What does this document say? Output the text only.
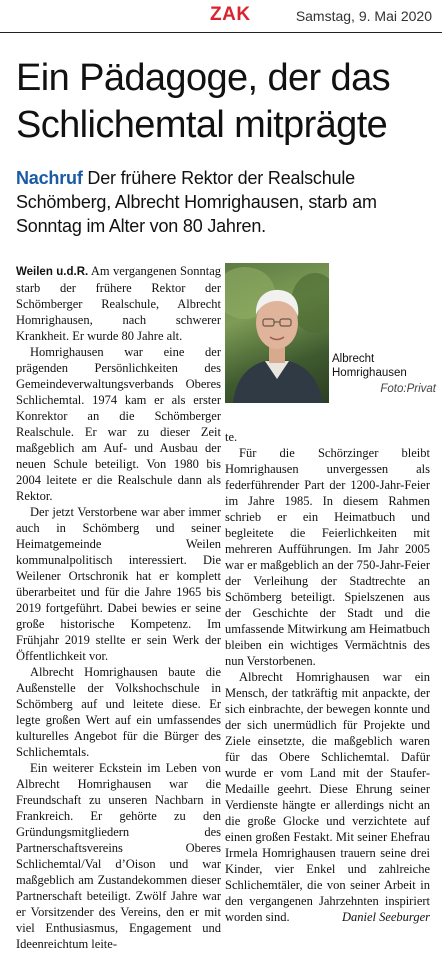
ZAK	Samstag, 9. Mai 2020
Ein Pädagoge, der das Schlichemtal mitprägte
Nachruf Der frühere Rektor der Realschule Schömberg, Albrecht Homrighausen, starb am Sonntag im Alter von 80 Jahren.

Weilen u.d.R. Am vergangenen Sonntag starb der frühere Rektor der Schömberger Realschule, Albrecht Homrighausen, nach schwerer Krankheit. Er wurde 80 Jahre alt.

Homrighausen war eine der prägenden Persönlichkeiten des Gemeindeverwaltungsverbands Oberes Schlichemtal. 1974 kam er als erster Konrektor an die Schömberger Realschule. Er war zu dieser Zeit maßgeblich am Auf- und Ausbau der neuen Schule beteiligt. Von 1980 bis 2004 leitete er die Realschule dann als Rektor.

Der jetzt Verstorbene war aber immer auch in Schömberg und seiner Heimatgemeinde Weilen kommunalpolitisch interessiert. Die Weilener Ortschronik hat er komplett überarbeitet und für die Jahre 1965 bis 2019 fortgeführt. Dabei bewies er seine große historische Kompetenz. Im Frühjahr 2019 stellte er sein Werk der Öffentlichkeit vor.

Albrecht Homrighausen baute die Außenstelle der Volkshochschule in Schömberg auf und leitete diese. Er legte großen Wert auf ein umfassendes kulturelles Angebot für die Bürger des Schlichemtals.

Ein weiterer Eckstein im Leben von Albrecht Homrighausen war die Freundschaft zu unseren Nachbarn in Frankreich. Er gehörte zu den Gründungsmitgliedern des Partnerschaftsvereins Oberes Schlichemtal/Val d’Oison und war maßgeblich am Zustandekommen dieser Partnerschaft beteiligt. Zwölf Jahre war er Vorsitzender des Vereins, den er mit viel Enthusiasmus, Engagement und Ideenreichtum leite-

Albrecht Homrighausen
Foto:Privat

te.

Für die Schörzinger bleibt Homrighausen unvergessen als federführender Part der 1200-Jahr-Feier im Jahre 1985. In diesem Rahmen schrieb er ein Heimatbuch und begleitete die Feierlichkeiten mit mehreren Aufführungen. Im Jahr 2005 war er maßgeblich an der 750-Jahr-Feier der Verleihung der Stadtrechte an Schömberg beteiligt. Spielszenen aus der Geschichte der Stadt und die umfassende Mitwirkung am Heimatbuch bleiben ein wichtiges Vermächtnis des nun Verstorbenen.

Albrecht Homrighausen war ein Mensch, der tatkräftig mit anpackte, der sich einbrachte, der bewegen konnte und der sich unermüdlich für Projekte und Ziele einsetzte, die maßgeblich waren für das Obere Schlichemtal. Dafür wurde er vom Land mit der Staufer-Medaille geehrt. Diese Ehrung seiner Verdienste hängte er allerdings nicht an die große Glocke und verzichtete auf einen großen Festakt. Mit seiner Ehefrau Irmela Homrighausen trauern seine drei Kinder, vier Enkel und zahlreiche Schlichemtäler, die von seiner Arbeit in den vergangenen Jahrzehnten inspiriert worden sind.	Daniel Seeburger
